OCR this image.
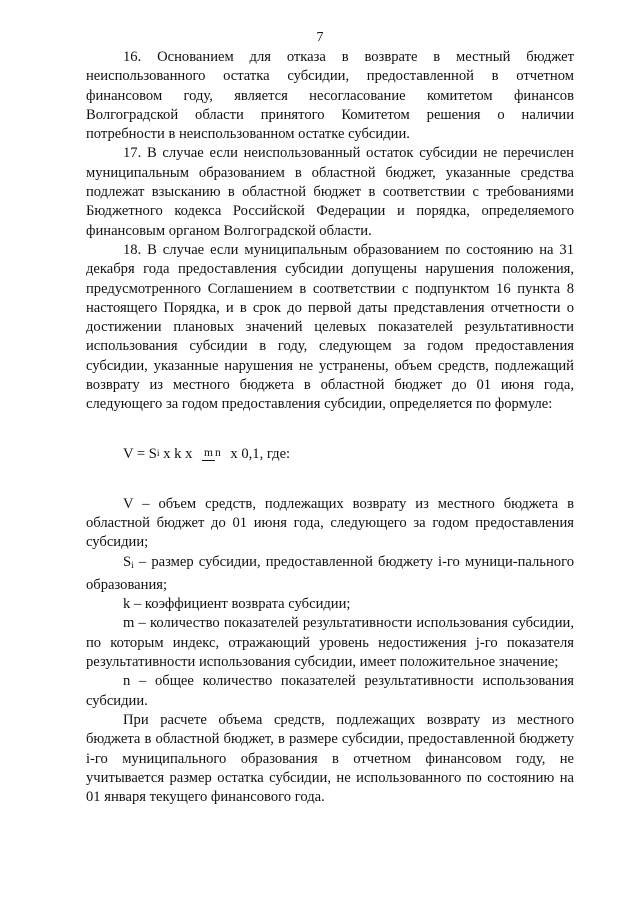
7

16. Основанием для отказа в возврате в местный бюджет неиспользованного остатка субсидии, предоставленной в отчетном финансовом году, является несогласование комитетом финансов Волгоградской области принятого Комитетом решения о наличии потребности в неиспользованном остатке субсидии.

17. В случае если неиспользованный остаток субсидии не перечислен муниципальным образованием в областной бюджет, указанные средства подлежат взысканию в областной бюджет в соответствии с требованиями Бюджетного кодекса Российской Федерации и порядка, определяемого финансовым органом Волгоградской области.

18. В случае если муниципальным образованием по состоянию на 31 декабря года предоставления субсидии допущены нарушения положения, предусмотренного Соглашением в соответствии с подпунктом 16 пункта 8 настоящего Порядка, и в срок до первой даты представления отчетности о достижении плановых значений целевых показателей результативности использования субсидии в году, следующем за годом предоставления субсидии, указанные нарушения не устранены, объем средств, подлежащий возврату из местного бюджета в областной бюджет до 01 июня года, следующего за годом предоставления субсидии, определяется по формуле:

V = S i x k x m n x 0,1, где:

V – объем средств, подлежащих возврату из местного бюджета в областной бюджет до 01 июня года, следующего за годом предоставления субсидии;

$S_i$ – размер субсидии, предоставленной бюджету i-го муници-пального образования;

k – коэффициент возврата субсидии;

m – количество показателей результативности использования субсидии, по которым индекс, отражающий уровень недостижения j-го показателя результативности использования субсидии, имеет положительное значение;

n – общее количество показателей результативности использования субсидии.

При расчете объема средств, подлежащих возврату из местного бюджета в областной бюджет, в размере субсидии, предоставленной бюджету i-го муниципального образования в отчетном финансовом году, не учитывается размер остатка субсидии, не использованного по состоянию на 01 января текущего финансового года.
